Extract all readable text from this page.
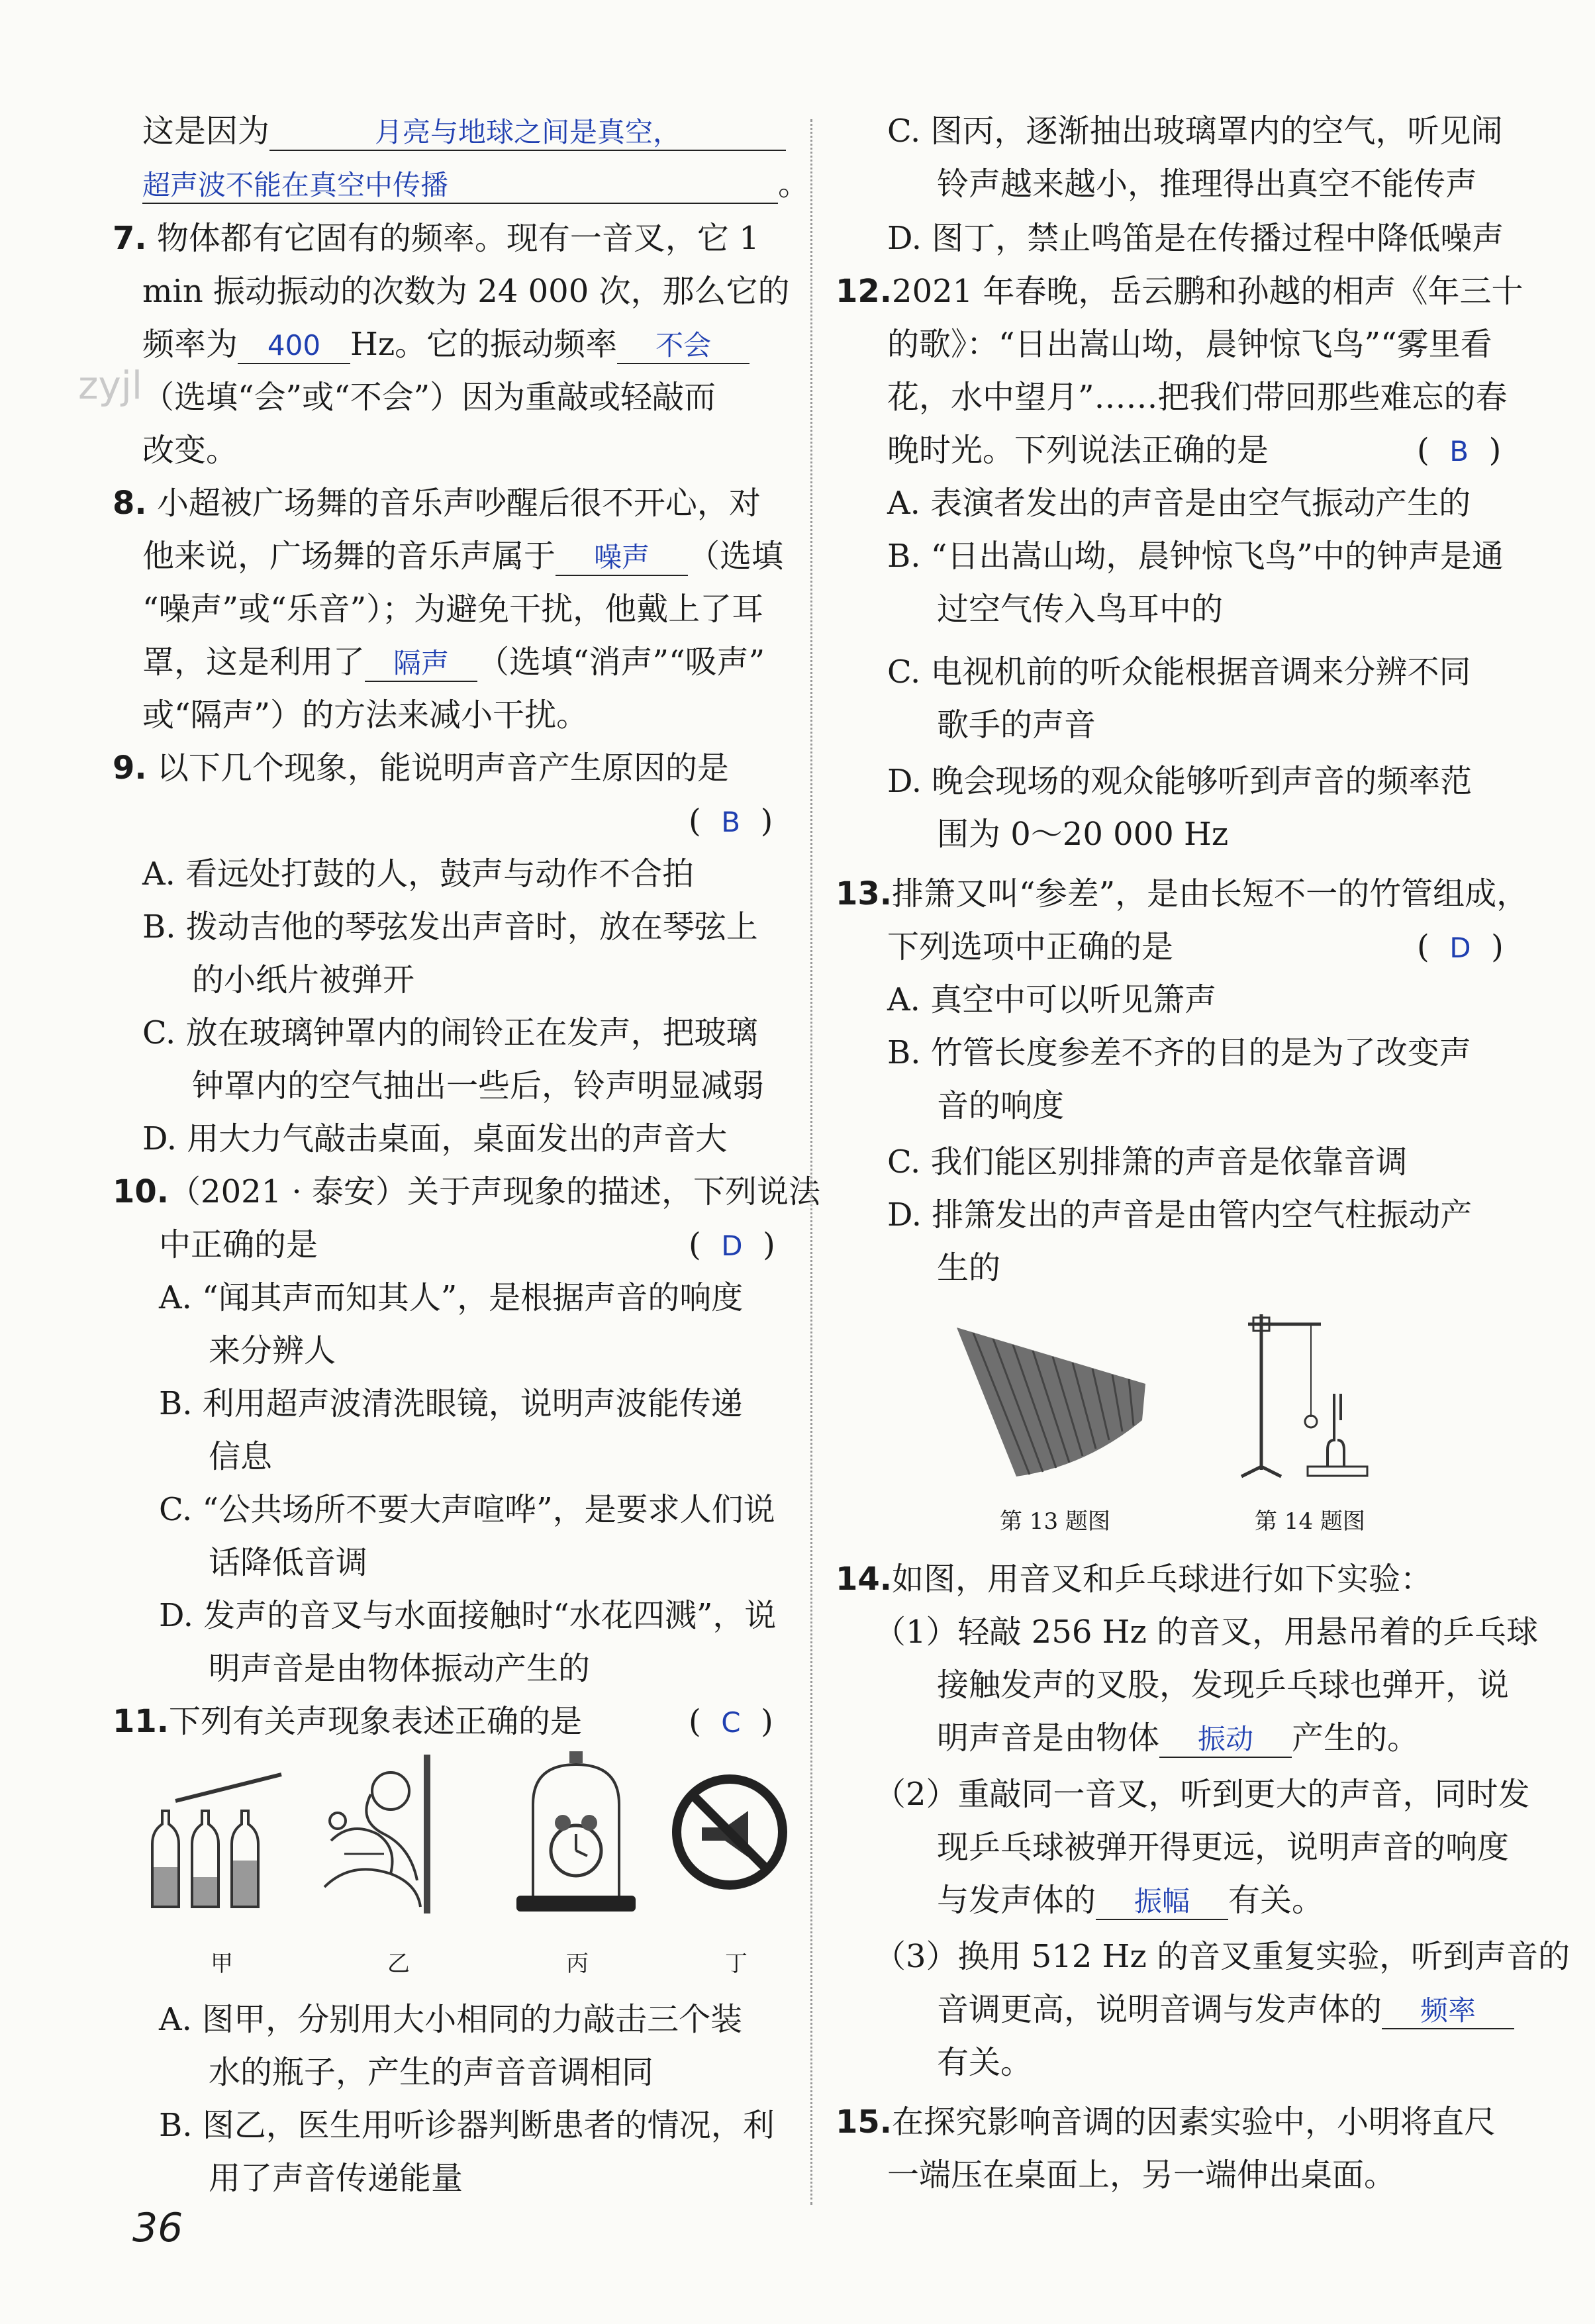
zyjl
这是因为	月亮与地球之间是真空，
超声波不能在真空中传播	。
7. 物体都有它固有的频率。现有一音叉，它 1
min 振动振动的次数为 24 000 次，那么它的
频率为 400 Hz。它的振动频率 不会
（选填“会”或“不会”）因为重敲或轻敲而
改变。
8. 小超被广场舞的音乐声吵醒后很不开心，对
他来说，广场舞的音乐声属于 噪声 （选填
“噪声”或“乐音”）；为避免干扰，他戴上了耳
罩，这是利用了 隔声 （选填“消声”“吸声”
或“隔声”）的方法来减小干扰。
9. 以下几个现象，能说明声音产生原因的是
(  B  )
A. 看远处打鼓的人，鼓声与动作不合拍
B. 拨动吉他的琴弦发出声音时，放在琴弦上
的小纸片被弹开
C. 放在玻璃钟罩内的闹铃正在发声，把玻璃
钟罩内的空气抽出一些后，铃声明显减弱
D. 用大力气敲击桌面，桌面发出的声音大
10.（2021 · 泰安）关于声现象的描述，下列说法
中正确的是	(  D  )
A. “闻其声而知其人”，是根据声音的响度
来分辨人
B. 利用超声波清洗眼镜，说明声波能传递
信息
C. “公共场所不要大声喧哗”，是要求人们说
话降低音调
D. 发声的音叉与水面接触时“水花四溅”，说
明声音是由物体振动产生的
11.下列有关声现象表述正确的是	(  C  )
甲	乙	丙	丁
A. 图甲，分别用大小相同的力敲击三个装
水的瓶子，产生的声音音调相同
B. 图乙，医生用听诊器判断患者的情况，利
用了声音传递能量
C. 图丙，逐渐抽出玻璃罩内的空气，听见闹
铃声越来越小，推理得出真空不能传声
D. 图丁，禁止鸣笛是在传播过程中降低噪声
12.2021 年春晚，岳云鹏和孙越的相声《年三十
的歌》：“日出嵩山坳，晨钟惊飞鸟”“雾里看
花，水中望月”……把我们带回那些难忘的春
晚时光。下列说法正确的是	(  B  )
A. 表演者发出的声音是由空气振动产生的
B. “日出嵩山坳，晨钟惊飞鸟”中的钟声是通
过空气传入鸟耳中的
C. 电视机前的听众能根据音调来分辨不同
歌手的声音
D. 晚会现场的观众能够听到声音的频率范
围为 0～20 000 Hz
13.排箫又叫“参差”，是由长短不一的竹管组成，
下列选项中正确的是	(  D  )
A. 真空中可以听见箫声
B. 竹管长度参差不齐的目的是为了改变声
音的响度
C. 我们能区别排箫的声音是依靠音调
D. 排箫发出的声音是由管内空气柱振动产
生的
第 13 题图	第 14 题图
14.如图，用音叉和乒乓球进行如下实验：
（1）轻敲 256 Hz 的音叉，用悬吊着的乒乓球
接触发声的叉股，发现乒乓球也弹开，说
明声音是由物体 振动 产生的。
（2）重敲同一音叉，听到更大的声音，同时发
现乒乓球被弹开得更远，说明声音的响度
与发声体的 振幅 有关。
（3）换用 512 Hz 的音叉重复实验，听到声音的
音调更高，说明音调与发声体的 频率
有关。
15.在探究影响音调的因素实验中，小明将直尺
一端压在桌面上，另一端伸出桌面。
36
